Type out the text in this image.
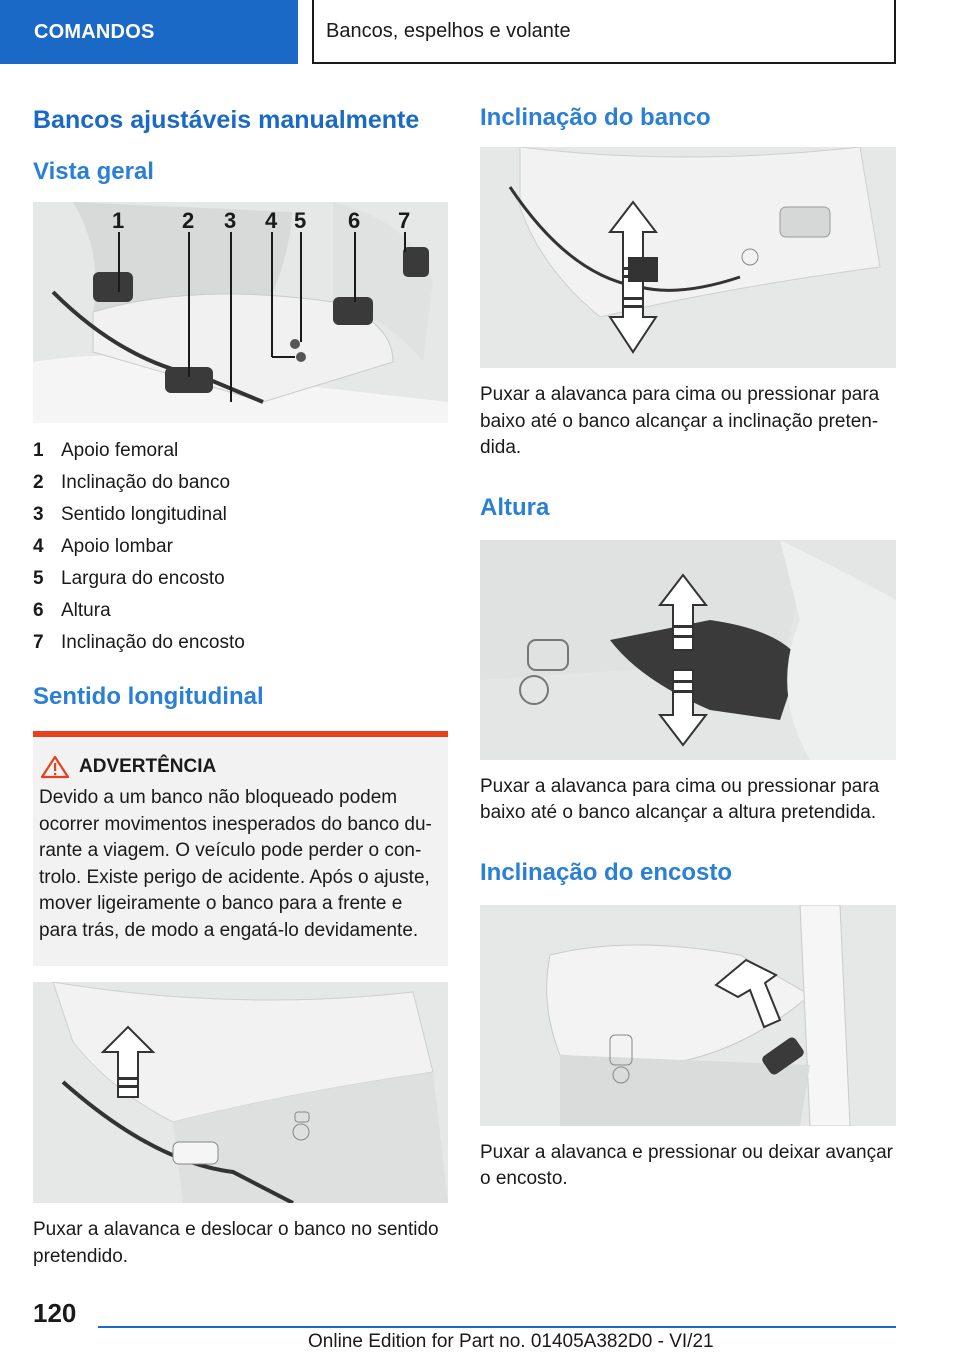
COMANDOS	Bancos, espelhos e volante
Bancos ajustáveis manualmente
Vista geral
1	2 3 4 5 6 7
1 Apoio femoral
2 Inclinação do banco
3 Sentido longitudinal
4 Apoio lombar
5 Largura do encosto
6 Altura
7 Inclinação do encosto
Sentido longitudinal
ADVERTÊNCIA

Devido a um banco não bloqueado podem ocorrer movimentos inesperados do banco du-rante a viagem. O veículo pode perder o con-trolo. Existe perigo de acidente. Após o ajuste, mover ligeiramente o banco para a frente e para trás, de modo a engatá-lo devidamente.

Puxar a alavanca e deslocar o banco no sentido pretendido.

Inclinação do banco

Puxar a alavanca para cima ou pressionar para baixo até o banco alcançar a inclinação preten-dida.

Altura

Puxar a alavanca para cima ou pressionar para baixo até o banco alcançar a altura pretendida.

Inclinação do encosto

Puxar a alavanca e pressionar ou deixar avançar o encosto.

120
Online Edition for Part no. 01405A382D0 - VI/21
